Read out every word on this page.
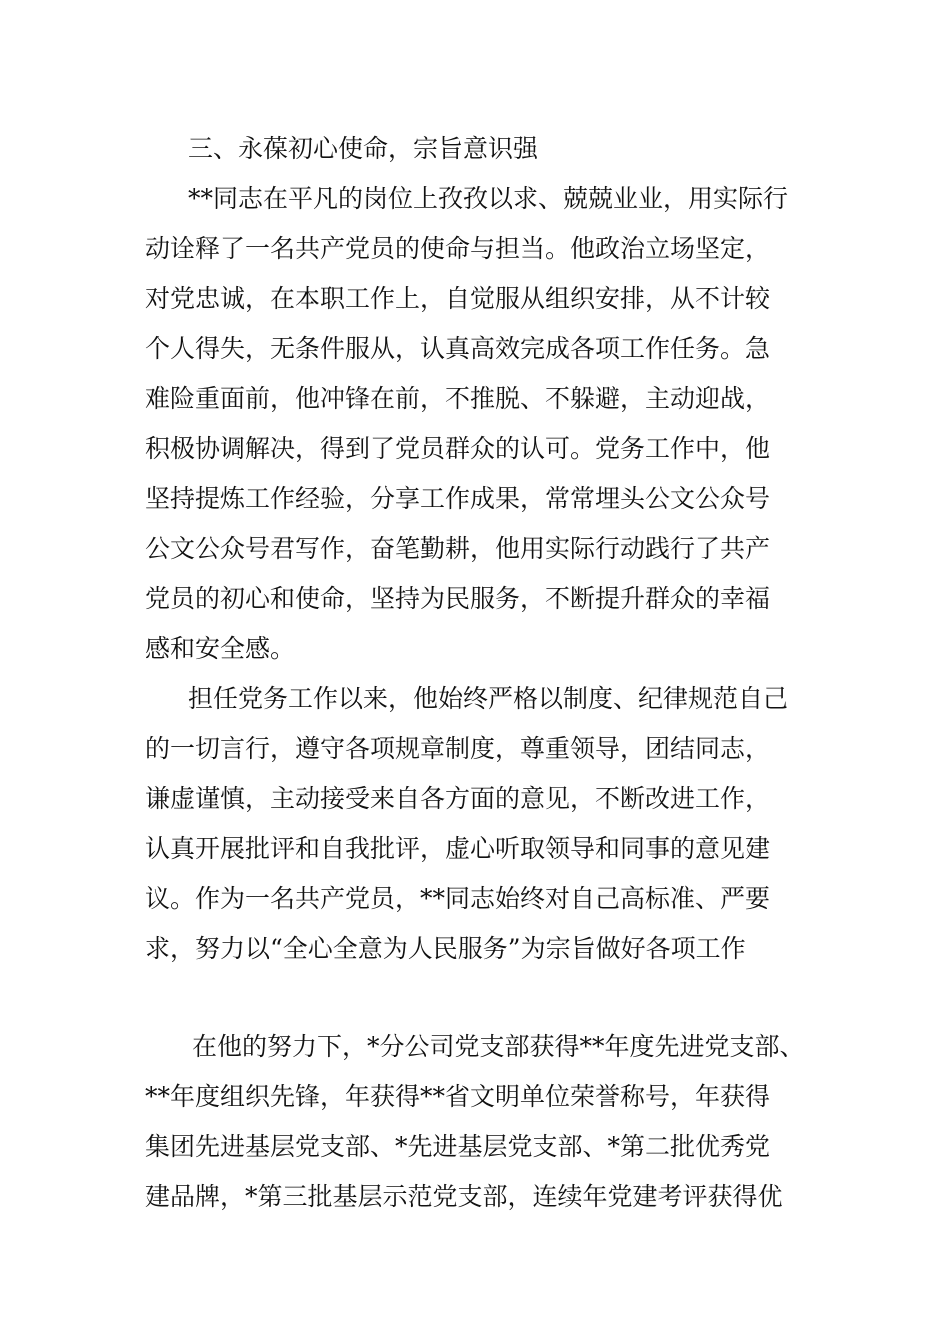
三、永葆初心使命，宗旨意识强
**同志在平凡的岗位上孜孜以求、兢兢业业，用实际行
动诠释了一名共产党员的使命与担当。他政治立场坚定，
对党忠诚，在本职工作上，自觉服从组织安排，从不计较
个人得失，无条件服从，认真高效完成各项工作任务。急
难险重面前，他冲锋在前，不推脱、不躲避，主动迎战，
积极协调解决，得到了党员群众的认可。党务工作中，他
坚持提炼工作经验，分享工作成果，常常埋头公文公众号
公文公众号君写作，奋笔勤耕，他用实际行动践行了共产
党员的初心和使命，坚持为民服务，不断提升群众的幸福
感和安全感。
担任党务工作以来，他始终严格以制度、纪律规范自己
的一切言行，遵守各项规章制度，尊重领导，团结同志，
谦虚谨慎，主动接受来自各方面的意见，不断改进工作，
认真开展批评和自我批评，虚心听取领导和同事的意见建
议。作为一名共产党员，**同志始终对自己高标准、严要
求，努力以“全心全意为人民服务”为宗旨做好各项工作
在他的努力下，*分公司党支部获得**年度先进党支部、
**年度组织先锋，年获得**省文明单位荣誉称号，年获得
集团先进基层党支部、*先进基层党支部、*第二批优秀党
建品牌，*第三批基层示范党支部，连续年党建考评获得优
